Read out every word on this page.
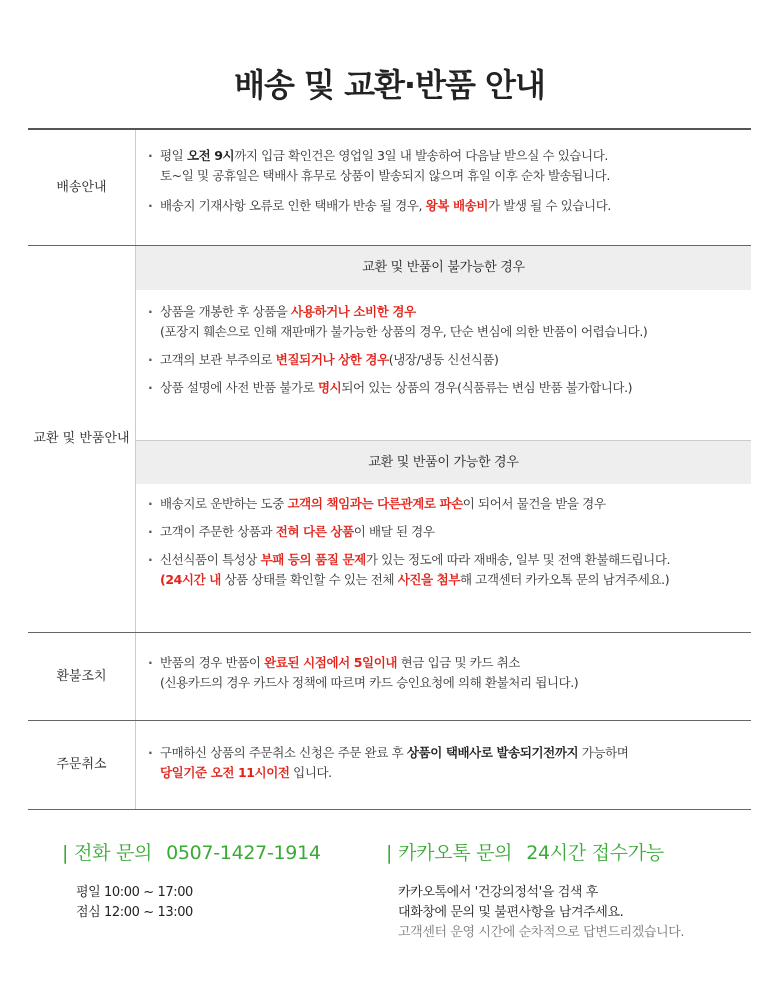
배송 및 교환·반품 안내
배송안내
· 평일 오전 9시까지 입금 확인건은 영업일 3일 내 발송하여 다음날 받으실 수 있습니다.
토~일 및 공휴일은 택배사 휴무로 상품이 발송되지 않으며 휴일 이후 순차 발송됩니다.
· 배송지 기재사항 오류로 인한 택배가 반송 될 경우, 왕복 배송비가 발생 될 수 있습니다.
교환 및 반품 안내
교환 및 반품이 불가능한 경우
· 상품을 개봉한 후 상품을 사용하거나 소비한 경우
(포장지 훼손으로 인해 재판매가 불가능한 상품의 경우, 단순 변심에 의한 반품이 어렵습니다.)
· 고객의 보관 부주의로 변질되거나 상한 경우(냉장/냉동 신선식품)
· 상품 설명에 사전 반품 불가로 명시되어 있는 상품의 경우(식품류는 변심 반품 불가합니다.)
교환 및 반품이 가능한 경우
· 배송지로 운반하는 도중 고객의 책임과는 다른관계로 파손이 되어서 물건을 받을 경우
· 고객이 주문한 상품과 전혀 다른 상품이 배달 된 경우
· 신선식품이 특성상 부패 등의 품질 문제가 있는 정도에 따라 재배송, 일부 및 전액 환불해드립니다.
(24시간 내 상품 상태를 확인할 수 있는 전체 사진을 첨부해 고객센터 카카오톡 문의 남겨주세요.)
환불조치
· 반품의 경우 반품이 완료된 시점에서 5일이내 현금 입금 및 카드 취소
(신용카드의 경우 카드사 정책에 따르며 카드 승인요청에 의해 환불처리 됩니다.)
주문취소
· 구매하신 상품의 주문취소 신청은 주문 완료 후 상품이 택배사로 발송되기전까지 가능하며
당일기준 오전 11시이전 입니다.
| 전화 문의 0507-1427-1914
평일 10:00 ~ 17:00
점심 12:00 ~ 13:00
| 카카오톡 문의 24시간 접수가능
카카오톡에서 '건강의정석'을 검색 후
대화창에 문의 및 불편사항을 남겨주세요.
고객센터 운영 시간에 순차적으로 답변드리겠습니다.
